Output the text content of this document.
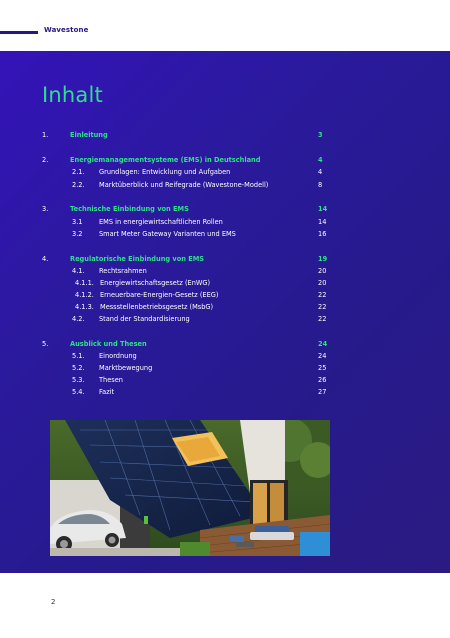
Wavestone
Inhalt
1.	Einleitung	3
2.	Energiemanagementsysteme (EMS) in Deutschland	4
2.1. Grundlagen: Entwicklung und Aufgaben	4
2.2. Marktüberblick und Reifegrade (Wavestone-Modell)	8
3.	Technische Einbindung von EMS	14
3.1	EMS in energiewirtschaftlichen Rollen	14
3.2	Smart Meter Gateway Varianten und EMS	16
4.	Regulatorische Einbindung von EMS	19
4.1. Rechtsrahmen	20
4.1.1. Energiewirtschaftsgesetz (EnWG)	20
4.1.2. Erneuerbare-Energien-Gesetz (EEG)	22
4.1.3. Messstellenbetriebsgesetz (MsbG)	22
4.2. Stand der Standardisierung	22
5.	Ausblick und Thesen	24
5.1. Einordnung	24
5.2. Marktbewegung	25
5.3. Thesen	26
5.4. Fazit	27
2
